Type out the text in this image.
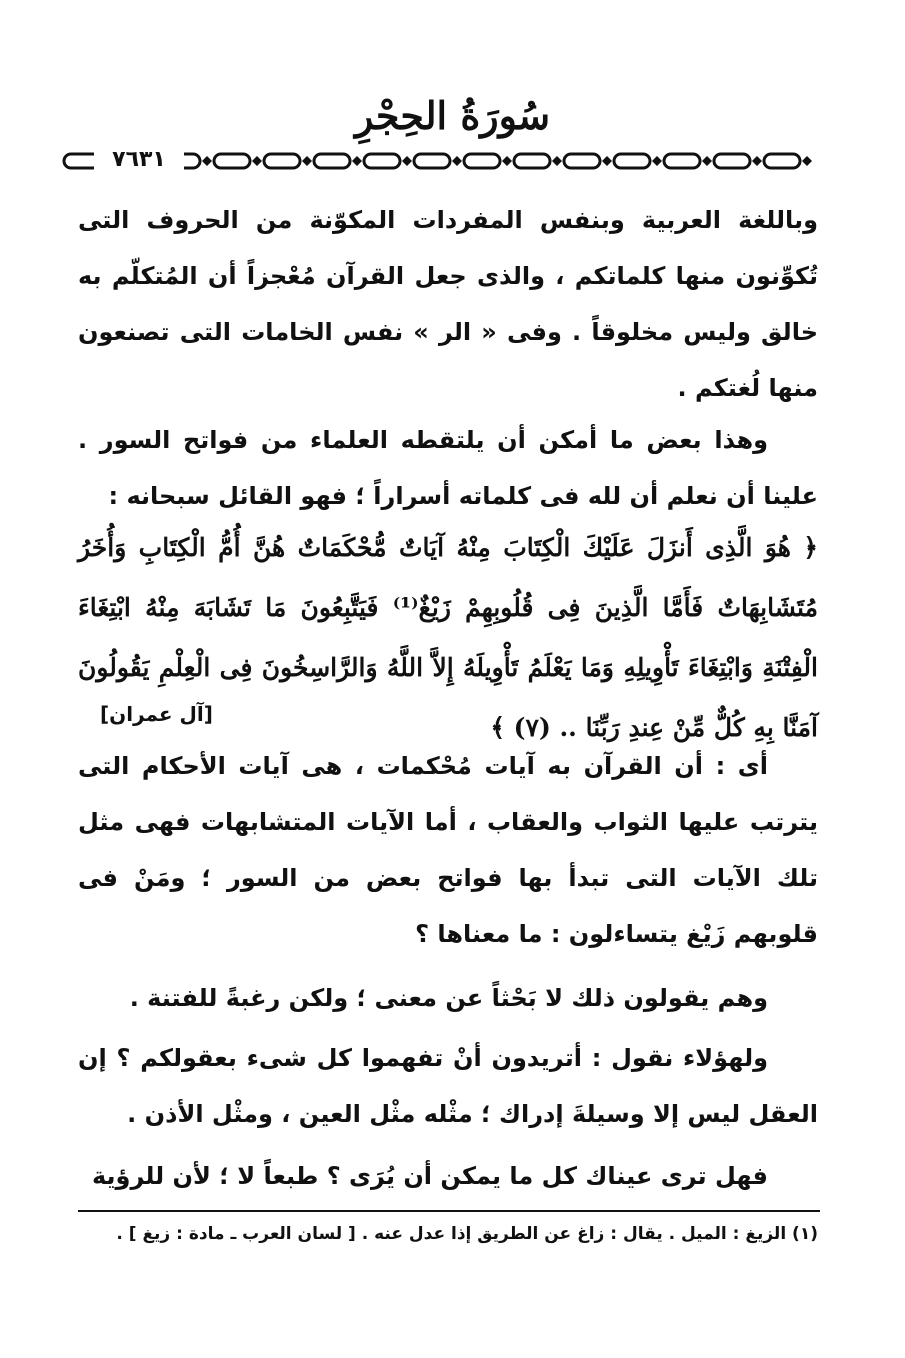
سُورَةُ الحِجْرِ
٧٦٣١
وباللغة العربية وبنفس المفردات المكوّنة من الحروف التى تُكوِّنون منها كلماتكم ، والذى جعل القرآن مُعْجزاً أن المُتكلّم به خالق وليس مخلوقاً . وفى « الر » نفس الخامات التى تصنعون منها لُغتكم .
وهذا بعض ما أمكن أن يلتقطه العلماء من فواتح السور . علينا أن نعلم أن لله فى كلماته أسراراً ؛ فهو القائل سبحانه :
﴿ هُوَ الَّذِى أَنزَلَ عَلَيْكَ الْكِتَابَ مِنْهُ آيَاتٌ مُّحْكَمَاتٌ هُنَّ أُمُّ الْكِتَابِ وَأُخَرُ مُتَشَابِهَاتٌ فَأَمَّا الَّذِينَ فِى قُلُوبِهِمْ زَيْغٌ⁽¹⁾ فَيَتَّبِعُونَ مَا تَشَابَهَ مِنْهُ ابْتِغَاءَ الْفِتْنَةِ وَابْتِغَاءَ تَأْوِيلِهِ وَمَا يَعْلَمُ تَأْوِيلَهُ إِلاَّ اللَّهُ وَالرَّاسِخُونَ فِى الْعِلْمِ يَقُولُونَ آمَنَّا بِهِ كُلٌّ مِّنْ عِندِ رَبِّنَا .. (٧) ﴾
[آل عمران]
أى : أن القرآن به آيات مُحْكمات ، هى آيات الأحكام التى يترتب عليها الثواب والعقاب ، أما الآيات المتشابهات فهى مثل تلك الآيات التى تبدأ بها فواتح بعض من السور ؛ ومَنْ فى قلوبهم زَيْغ يتساءلون : ما معناها ؟
وهم يقولون ذلك لا بَحْثاً عن معنى ؛ ولكن رغبةً للفتنة .
ولهؤلاء نقول : أتريدون أنْ تفهموا كل شىء بعقولكم ؟ إن العقل ليس إلا وسيلةَ إدراك ؛ مثْله مثْل العين ، ومثْل الأذن .
فهل ترى عيناك كل ما يمكن أن يُرَى ؟ طبعاً لا ؛ لأن للرؤية
(١) الزيغ : الميل . يقال : زاغ عن الطريق إذا عدل عنه . [ لسان العرب ـ مادة : زيغ ] .
